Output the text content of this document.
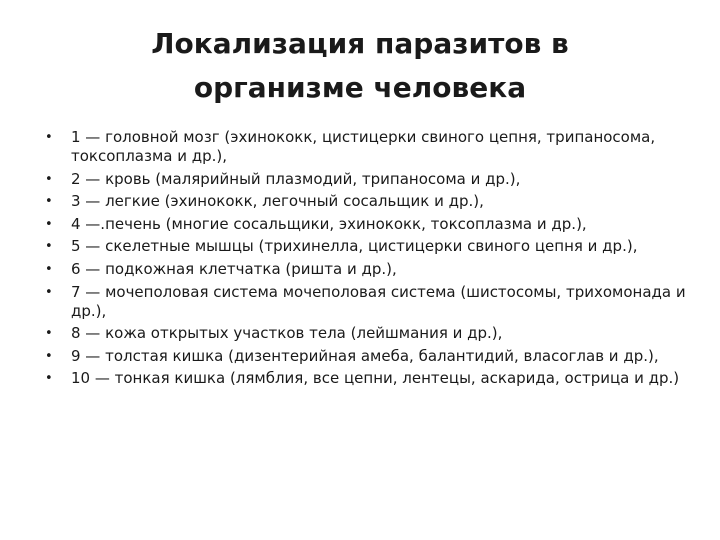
Локализация паразитов в
организме человека
•	1 — головной мозг (эхинококк, цистицерки свиного цепня, трипаносома, токсоплазма и др.),
•	2 — кровь (малярийный плазмодий, трипаносома и др.),
•	3 — легкие (эхинококк, легочный сосальщик и др.),
•	4 —.печень (многие сосальщики, эхинококк, токсоплазма и др.),
•	5 — скелетные мышцы (трихинелла, цистицерки свиного цепня и др.),
•	6 — подкожная клетчатка (ришта и др.),
•	7 — мочеполовая система мочеполовая система (шистосомы, трихомонада и др.),
•	8 — кожа открытых участков тела (лейшмания и др.),
•	9 — толстая кишка (дизентерийная амеба, балантидий, власоглав и др.),
•	10 — тонкая кишка (лямблия, все цепни, лентецы, аскарида, острица и др.)
